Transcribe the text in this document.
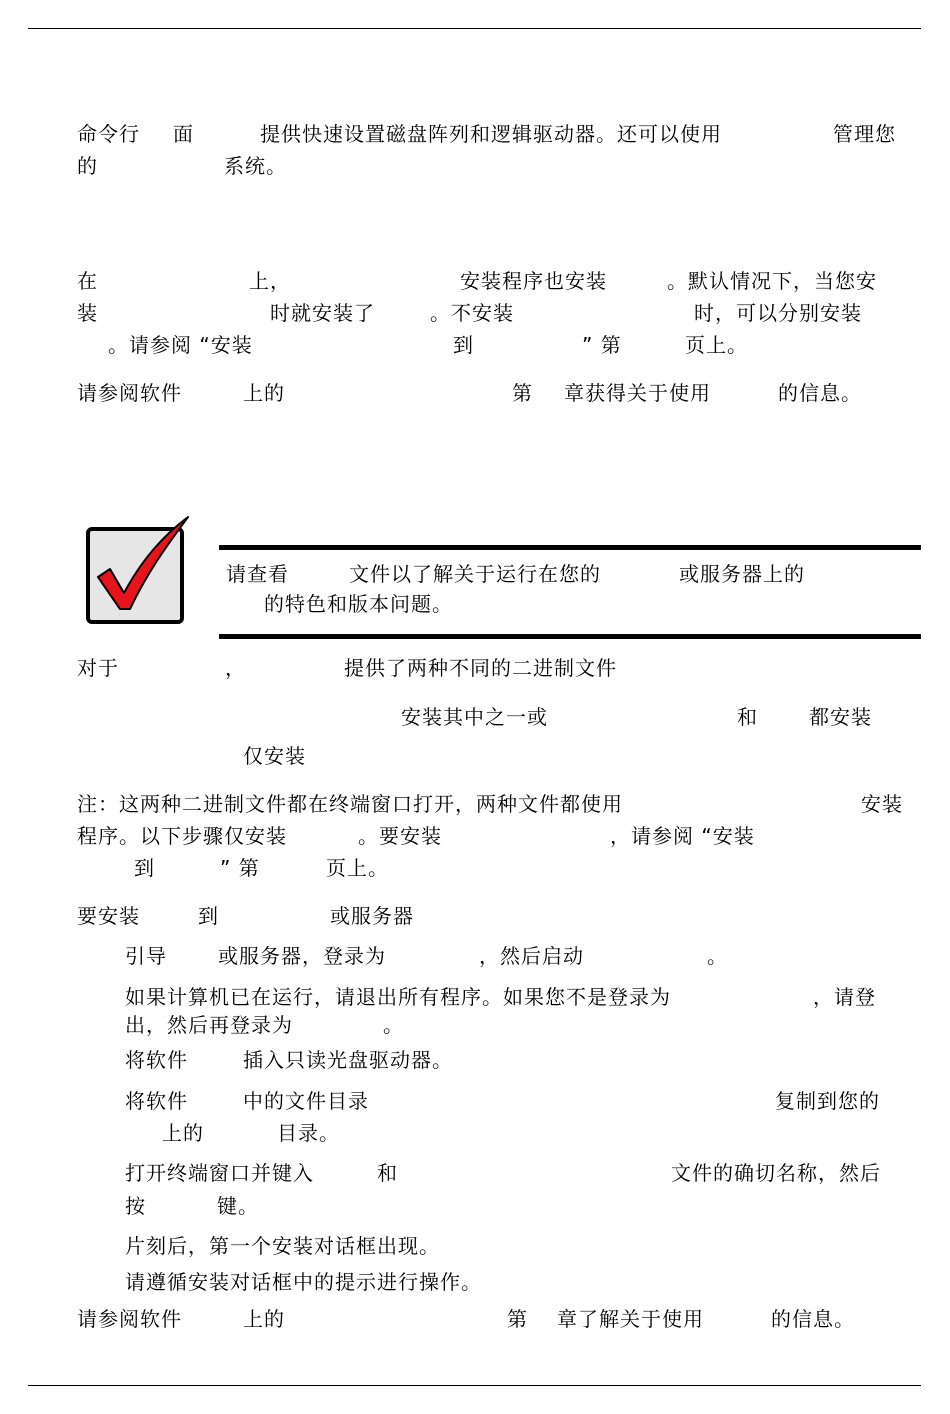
命令行 面	提供快速设置磁盘阵列和逻辑驱动器。还可以使用	管理您
的	系统。
在	上，	安装程序也安装	。默认情况下，当您安
装	时就安装了	。不安装	时，可以分别安装
。请参阅 “安装	到	” 第	页上。
请参阅软件	上的	第 章获得关于使用	的信息。
请查看	文件以了解关于运行在您的	或服务器上的
的特色和版本问题。
对于	，	提供了两种不同的二进制文件
安装其中之一或	和	都安装
仅安装
注：这两种二进制文件都在终端窗口打开，两种文件都使用	安装
程序。以下步骤仅安装	。要安装	，请参阅 “安装
到	” 第	页上。
要安装	到	或服务器
引导	或服务器，登录为	，然后启动	。
如果计算机已在运行，请退出所有程序。如果您不是登录为	，请登
出，然后再登录为	。
将软件	插入只读光盘驱动器。
将软件	中的文件目录	复制到您的
上的	目录。
打开终端窗口并键入	和	文件的确切名称，然后
按	键。
片刻后，第一个安装对话框出现。
请遵循安装对话框中的提示进行操作。
请参阅软件	上的	第 章了解关于使用	的信息。
